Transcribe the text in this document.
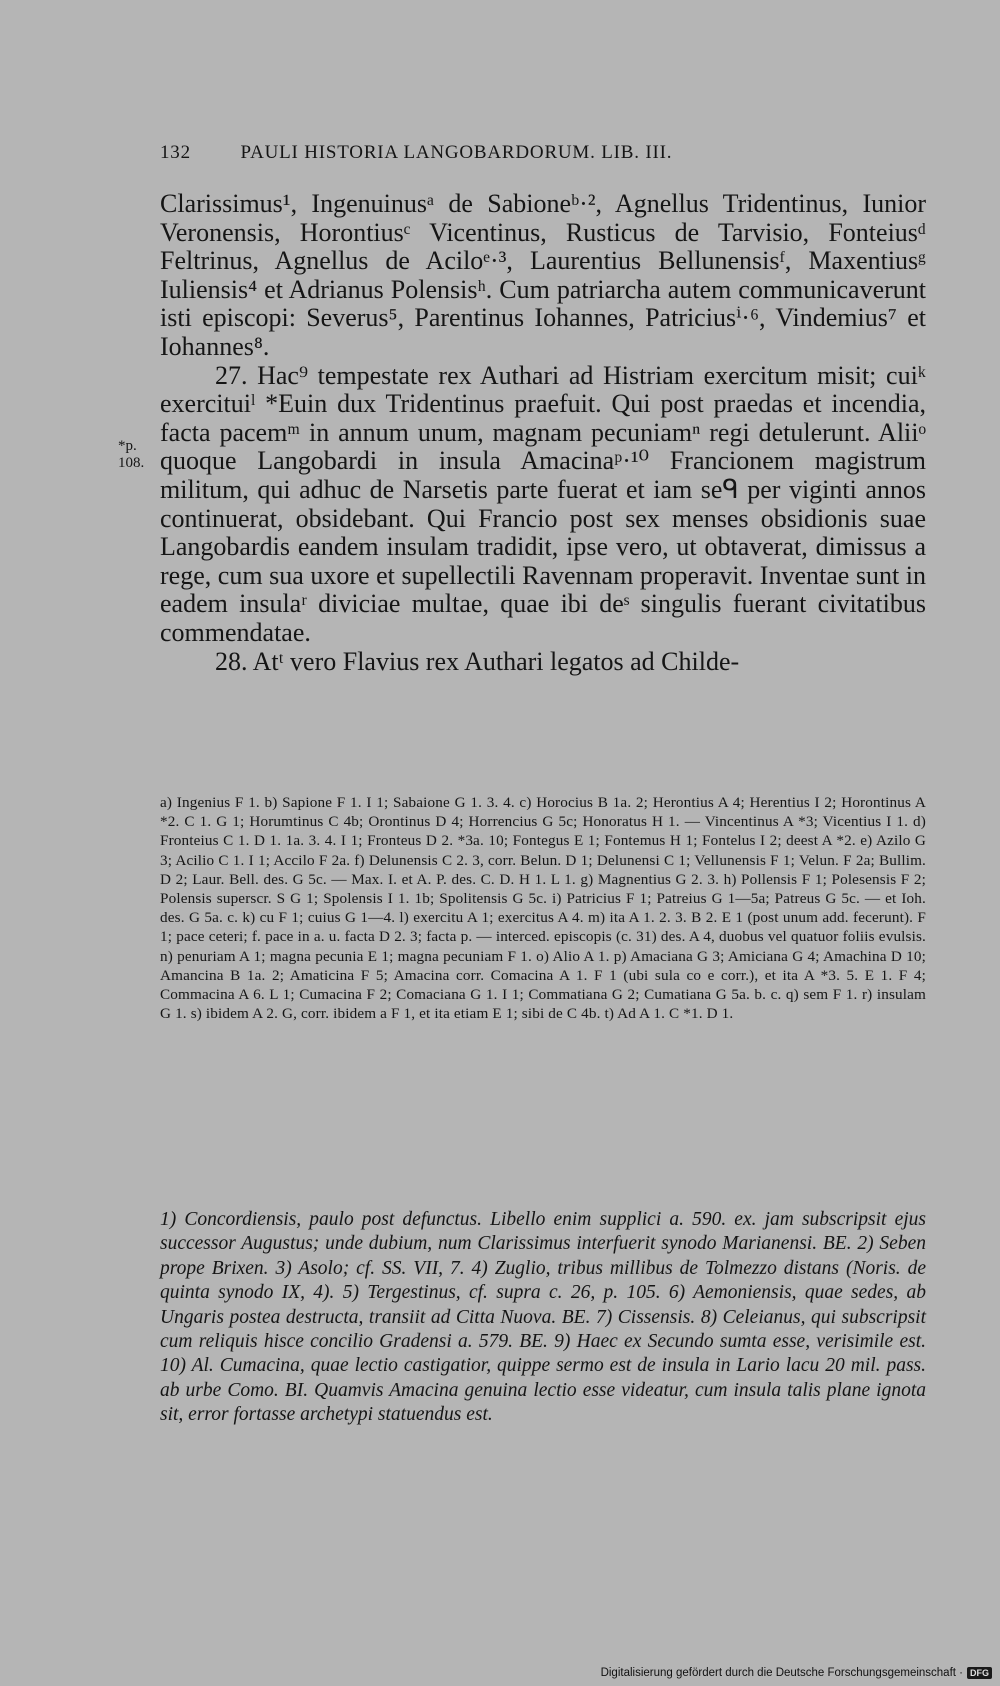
132	PAULI HISTORIA LANGOBARDORUM. LIB. III.
*p. 108.

Clarissimus¹, Ingenuinusᵃ de Sabioneᵇ·², Agnellus Tridentinus, Iunior Veronensis, Horontiusᶜ Vicentinus, Rusticus de Tarvisio, Fonteiusᵈ Feltrinus, Agnellus de Aciloᵉ·³, Laurentius Bellunensisᶠ, Maxentiusᵍ Iuliensis⁴ et Adrianus Polensisʰ. Cum patriarcha autem communicaverunt isti episcopi: Severus⁵, Parentinus Iohannes, Patriciusⁱ·⁶, Vindemius⁷ et Iohannes⁸.

27. Hac⁹ tempestate rex Authari ad Histriam exercitum misit; cuiᵏ exercituiˡ *Euin dux Tridentinus praefuit. Qui post praedas et incendia, facta pacemᵐ in annum unum, magnam pecuniamⁿ regi detulerunt. Aliiᵒ quoque Langobardi in insula Amacinaᵖ·¹⁰ Francionem magistrum militum, qui adhuc de Narsetis parte fuerat et iam seᑫ per viginti annos continuerat, obsidebant. Qui Francio post sex menses obsidionis suae Langobardis eandem insulam tradidit, ipse vero, ut obtaverat, dimissus a rege, cum sua uxore et supellectili Ravennam properavit. Inventae sunt in eadem insulaʳ diviciae multae, quae ibi deˢ singulis fuerant civitatibus commendatae.

28. Atᵗ vero Flavius rex Authari legatos ad Childe-

a) Ingenius F 1. b) Sapione F 1. I 1; Sabaione G 1. 3. 4. c) Horocius B 1a. 2; Herontius A 4; Herentius I 2; Horontinus A *2. C 1. G 1; Horumtinus C 4b; Orontinus D 4; Horrencius G 5c; Honoratus H 1. — Vincentinus A *3; Vicentius I 1. d) Fronteius C 1. D 1. 1a. 3. 4. I 1; Fronteus D 2. *3a. 10; Fontegus E 1; Fontemus H 1; Fontelus I 2; deest A *2. e) Azilo G 3; Acilio C 1. I 1; Accilo F 2a. f) Delunensis C 2. 3, corr. Belun. D 1; Delunensi C 1; Vellunensis F 1; Velun. F 2a; Bullim. D 2; Laur. Bell. des. G 5c. — Max. I. et A. P. des. C. D. H 1. L 1. g) Magnentius G 2. 3. h) Pollensis F 1; Polesensis F 2; Polensis superscr. S G 1; Spolensis I 1. 1b; Spolitensis G 5c. i) Patricius F 1; Patreius G 1—5a; Patreus G 5c. — et Ioh. des. G 5a. c. k) cu F 1; cuius G 1—4. l) exercitu A 1; exercitus A 4. m) ita A 1. 2. 3. B 2. E 1 (post unum add. fecerunt). F 1; pace ceteri; f. pace in a. u. facta D 2. 3; facta p. — interced. episcopis (c. 31) des. A 4, duobus vel quatuor foliis evulsis. n) penuriam A 1; magna pecunia E 1; magna pecuniam F 1. o) Alio A 1. p) Amaciana G 3; Amiciana G 4; Amachina D 10; Amancina B 1a. 2; Amaticina F 5; Amacina corr. Comacina A 1. F 1 (ubi sula co e corr.), et ita A *3. 5. E 1. F 4; Commacina A 6. L 1; Cumacina F 2; Comaciana G 1. I 1; Commatiana G 2; Cumatiana G 5a. b. c. q) sem F 1. r) insulam G 1. s) ibidem A 2. G, corr. ibidem a F 1, et ita etiam E 1; sibi de C 4b. t) Ad A 1. C *1. D 1.

1) Concordiensis, paulo post defunctus. Libello enim supplici a. 590. ex. jam subscripsit ejus successor Augustus; unde dubium, num Clarissimus interfuerit synodo Marianensi. BE. 2) Seben prope Brixen. 3) Asolo; cf. SS. VII, 7. 4) Zuglio, tribus millibus de Tolmezzo distans (Noris. de quinta synodo IX, 4). 5) Tergestinus, cf. supra c. 26, p. 105. 6) Aemoniensis, quae sedes, ab Ungaris postea destructa, transiit ad Citta Nuova. BE. 7) Cissensis. 8) Celeianus, qui subscripsit cum reliquis hisce concilio Gradensi a. 579. BE. 9) Haec ex Secundo sumta esse, verisimile est. 10) Al. Cumacina, quae lectio castigatior, quippe sermo est de insula in Lario lacu 20 mil. pass. ab urbe Como. BI. Quamvis Amacina genuina lectio esse videatur, cum insula talis plane ignota sit, error fortasse archetypi statuendus est.

Digitalisierung gefördert durch die Deutsche Forschungsgemeinschaft · DFG
